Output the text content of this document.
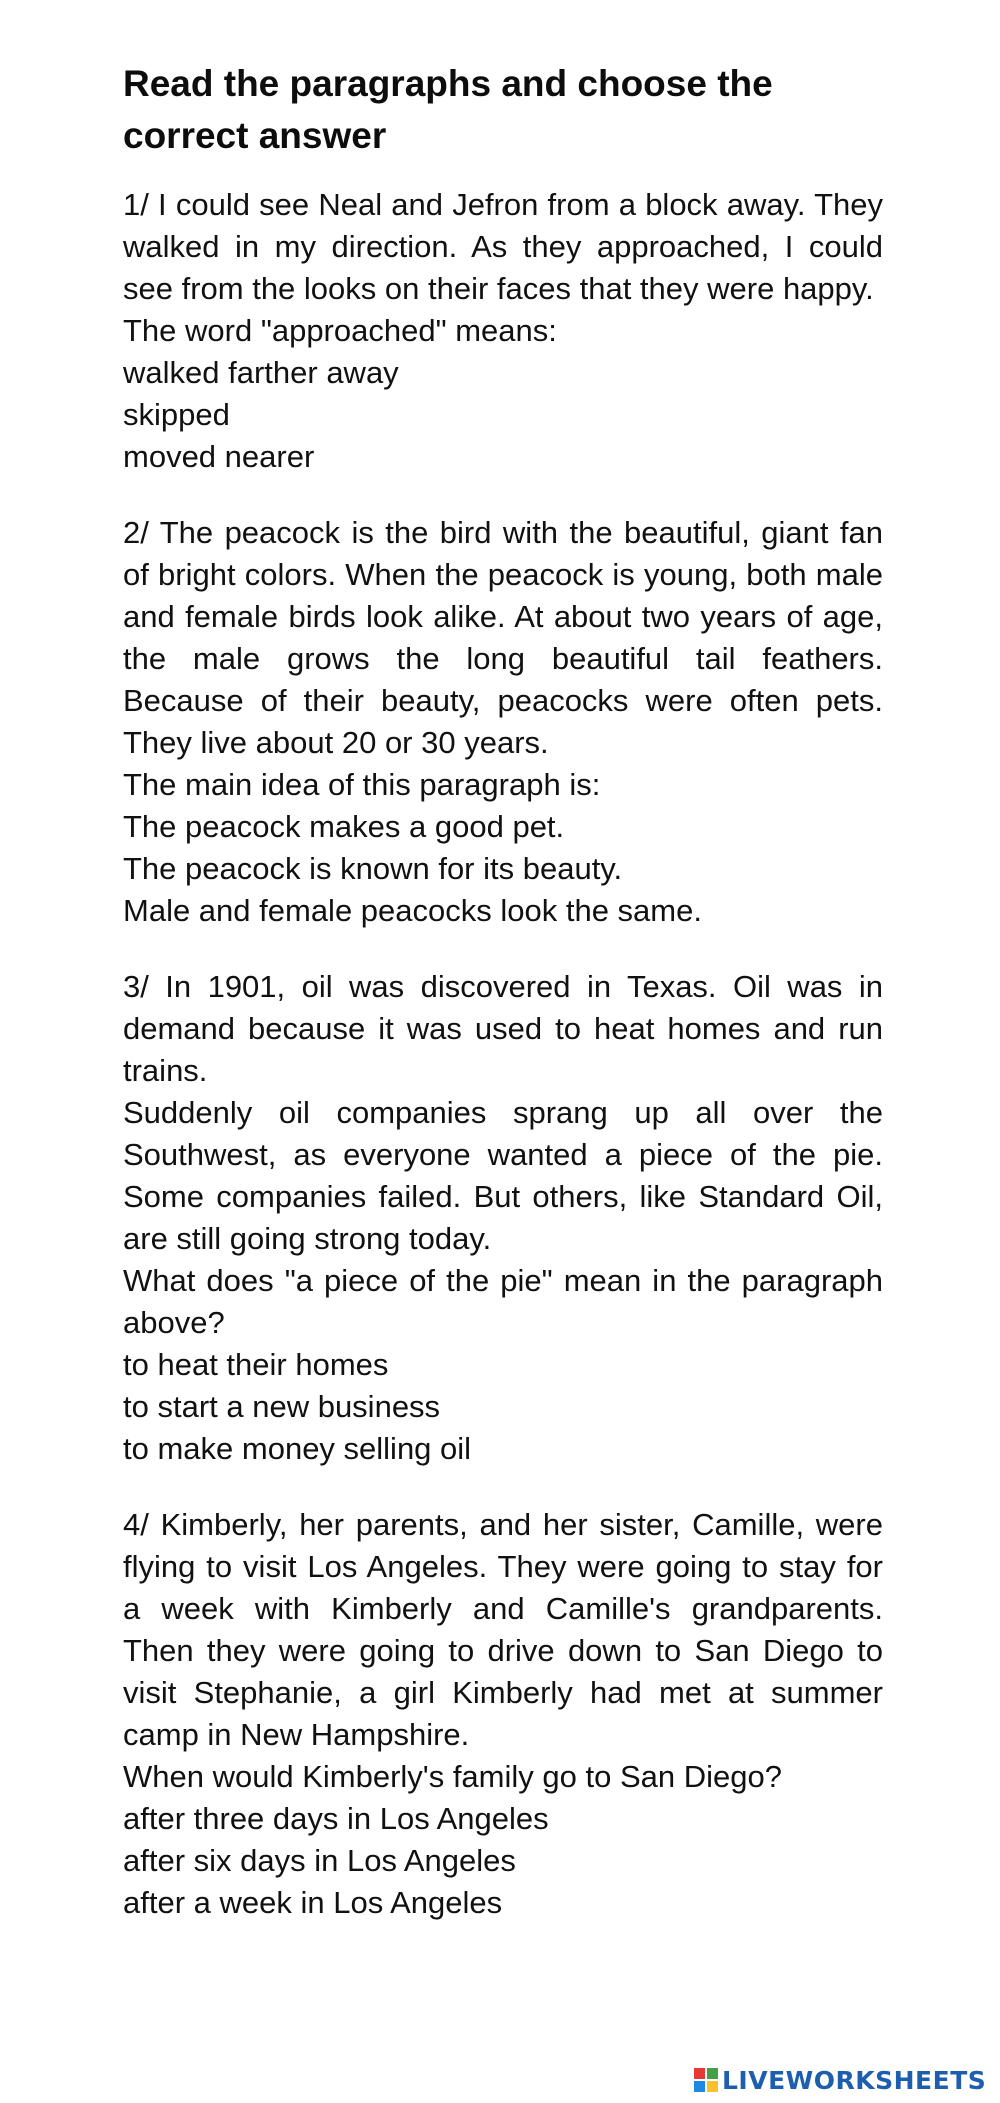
Read the paragraphs and choose the correct answer

1/ I could see Neal and Jefron from a block away. They walked in my direction. As they approached, I could see from the looks on their faces that they were happy.

The word "approached" means:

walked farther away

skipped

moved nearer

2/ The peacock is the bird with the beautiful, giant fan of bright colors. When the peacock is young, both male and female birds look alike. At about two years of age, the male grows the long beautiful tail feathers. Because of their beauty, peacocks were often pets. They live about 20 or 30 years.

The main idea of this paragraph is:

The peacock makes a good pet.

The peacock is known for its beauty.

Male and female peacocks look the same.

3/ In 1901, oil was discovered in Texas. Oil was in demand because it was used to heat homes and run trains.

Suddenly oil companies sprang up all over the Southwest, as everyone wanted a piece of the pie. Some companies failed. But others, like Standard Oil, are still going strong today.

What does "a piece of the pie" mean in the paragraph above?

to heat their homes

to start a new business

to make money selling oil

4/ Kimberly, her parents, and her sister, Camille, were flying to visit Los Angeles. They were going to stay for a week with Kimberly and Camille's grandparents. Then they were going to drive down to San Diego to visit Stephanie, a girl Kimberly had met at summer camp in New Hampshire.

When would Kimberly's family go to San Diego?

after three days in Los Angeles

after six days in Los Angeles

after a week in Los Angeles

LIVEWORKSHEETS
